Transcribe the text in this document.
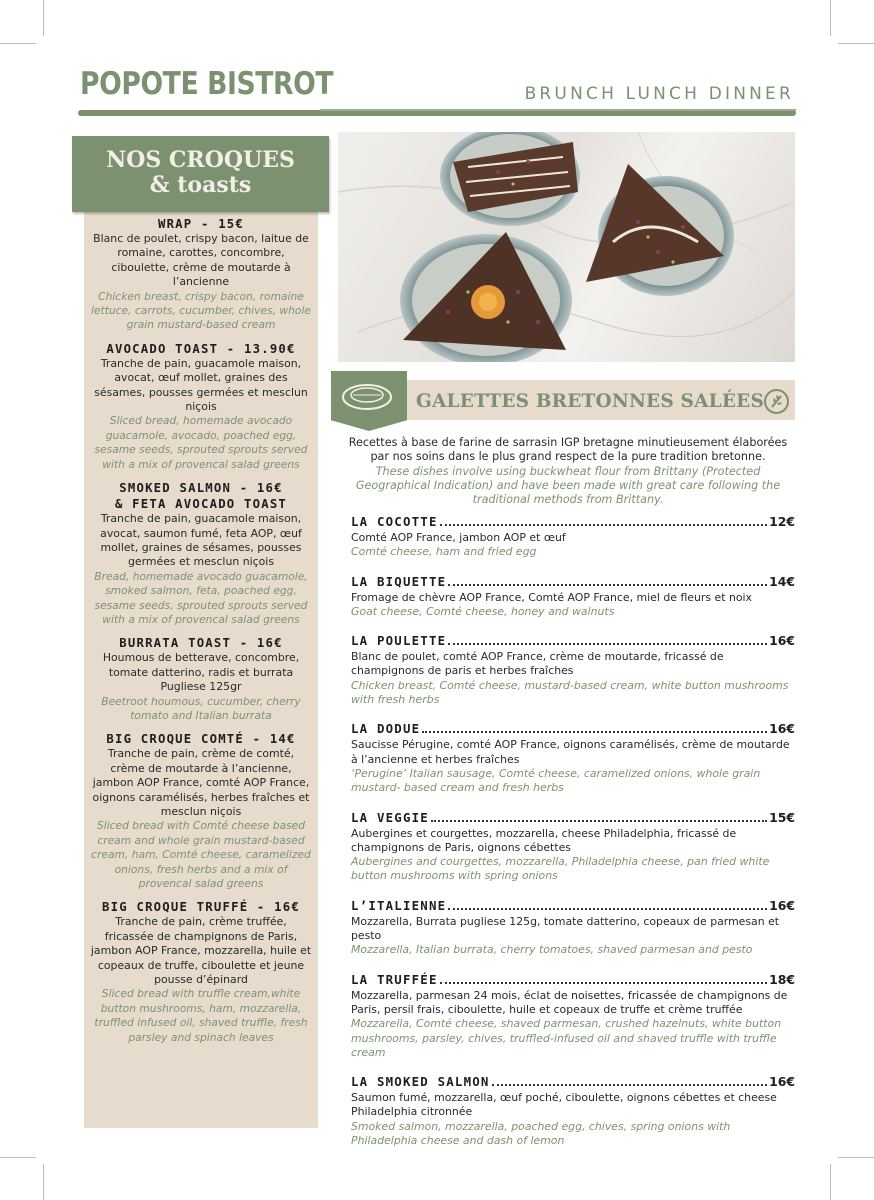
POPOTE BISTROT	BRUNCH LUNCH DINNER
NOS CROQUES
& toasts
WRAP - 15€
Blanc de poulet, crispy bacon, laitue de romaine, carottes, concombre, ciboulette, crème de moutarde à l’ancienne
Chicken breast, crispy bacon, romaine lettuce, carrots, cucumber, chives, whole grain mustard-based cream
AVOCADO TOAST - 13.90€
Tranche de pain, guacamole maison, avocat, œuf mollet, graines des sésames, pousses germées et mesclun niçois
Sliced bread, homemade avocado guacamole, avocado, poached egg, sesame seeds, sprouted sprouts served with a mix of provencal salad greens
SMOKED SALMON - 16€
& FETA AVOCADO TOAST
Tranche de pain, guacamole maison, avocat, saumon fumé, feta AOP, œuf mollet, graines de sésames, pousses germées et mesclun niçois
Bread, homemade avocado guacamole, smoked salmon, feta, poached egg, sesame seeds, sprouted sprouts served with a mix of provencal salad greens
BURRATA TOAST - 16€
Houmous de betterave, concombre, tomate datterino, radis et burrata Pugliese 125gr
Beetroot houmous, cucumber, cherry tomato and Italian burrata
BIG CROQUE COMTÉ - 14€
Tranche de pain, crème de comté, crème de moutarde à l’ancienne, jambon AOP France, comté AOP France, oignons caramélisés, herbes fraîches et mesclun niçois
Sliced bread with Comté cheese based cream and whole grain mustard-based cream, ham, Comté cheese, caramelized onions, fresh herbs and a mix of provencal salad greens
BIG CROQUE TRUFFÉ - 16€
Tranche de pain, crème truffée, fricassée de champignons de Paris, jambon AOP France, mozzarella, huile et copeaux de truffe, ciboulette et jeune pousse d’épinard
Sliced bread with truffle cream,white button mushrooms, ham, mozzarella, truffled infused oil, shaved truffle, fresh parsley and spinach leaves
GALETTES BRETONNES SALÉES
Recettes à base de farine de sarrasin IGP bretagne minutieusement élaborées par nos soins dans le plus grand respect de la pure tradition bretonne.
These dishes involve using buckwheat flour from Brittany (Protected Geographical Indication) and have been made with great care following the traditional methods from Brittany.
LA COCOTTE	12€
Comté AOP France, jambon AOP et œuf
Comté cheese, ham and fried egg
LA BIQUETTE	14€
Fromage de chèvre AOP France, Comté AOP France, miel de fleurs et noix
Goat cheese, Comté cheese, honey and walnuts
LA POULETTE	16€
Blanc de poulet, comté AOP France, crème de moutarde, fricassé de champignons de paris et herbes fraîches
Chicken breast, Comté cheese, mustard-based cream, white button mushrooms with fresh herbs
LA DODUE	16€
Saucisse Pérugine, comté AOP France, oignons caramélisés, crème de moutarde à l’ancienne et herbes fraîches
‘Perugine’ Italian sausage, Comté cheese, caramelized onions, whole grain mustard- based cream and fresh herbs
LA VEGGIE	15€
Aubergines et courgettes, mozzarella, cheese Philadelphia, fricassé de champignons de Paris, oignons cébettes
Aubergines and courgettes, mozzarella, Philadelphia cheese, pan fried white button mushrooms with spring onions
L’ITALIENNE	16€
Mozzarella, Burrata pugliese 125g, tomate datterino, copeaux de parmesan et pesto
Mozzarella, Italian burrata, cherry tomatoes, shaved parmesan and pesto
LA TRUFFÉE	18€
Mozzarella, parmesan 24 mois, éclat de noisettes, fricassée de champignons de Paris, persil frais, ciboulette, huile et copeaux de truffe et crème truffée
Mozzarella, Comté cheese, shaved parmesan, crushed hazelnuts, white button mushrooms, parsley, chives, truffled-infused oil and shaved truffle with truffle cream
LA SMOKED SALMON	16€
Saumon fumé, mozzarella, œuf poché, ciboulette, oignons cébettes et cheese Philadelphia citronnée
Smoked salmon, mozzarella, poached egg, chives, spring onions with Philadelphia cheese and dash of lemon
